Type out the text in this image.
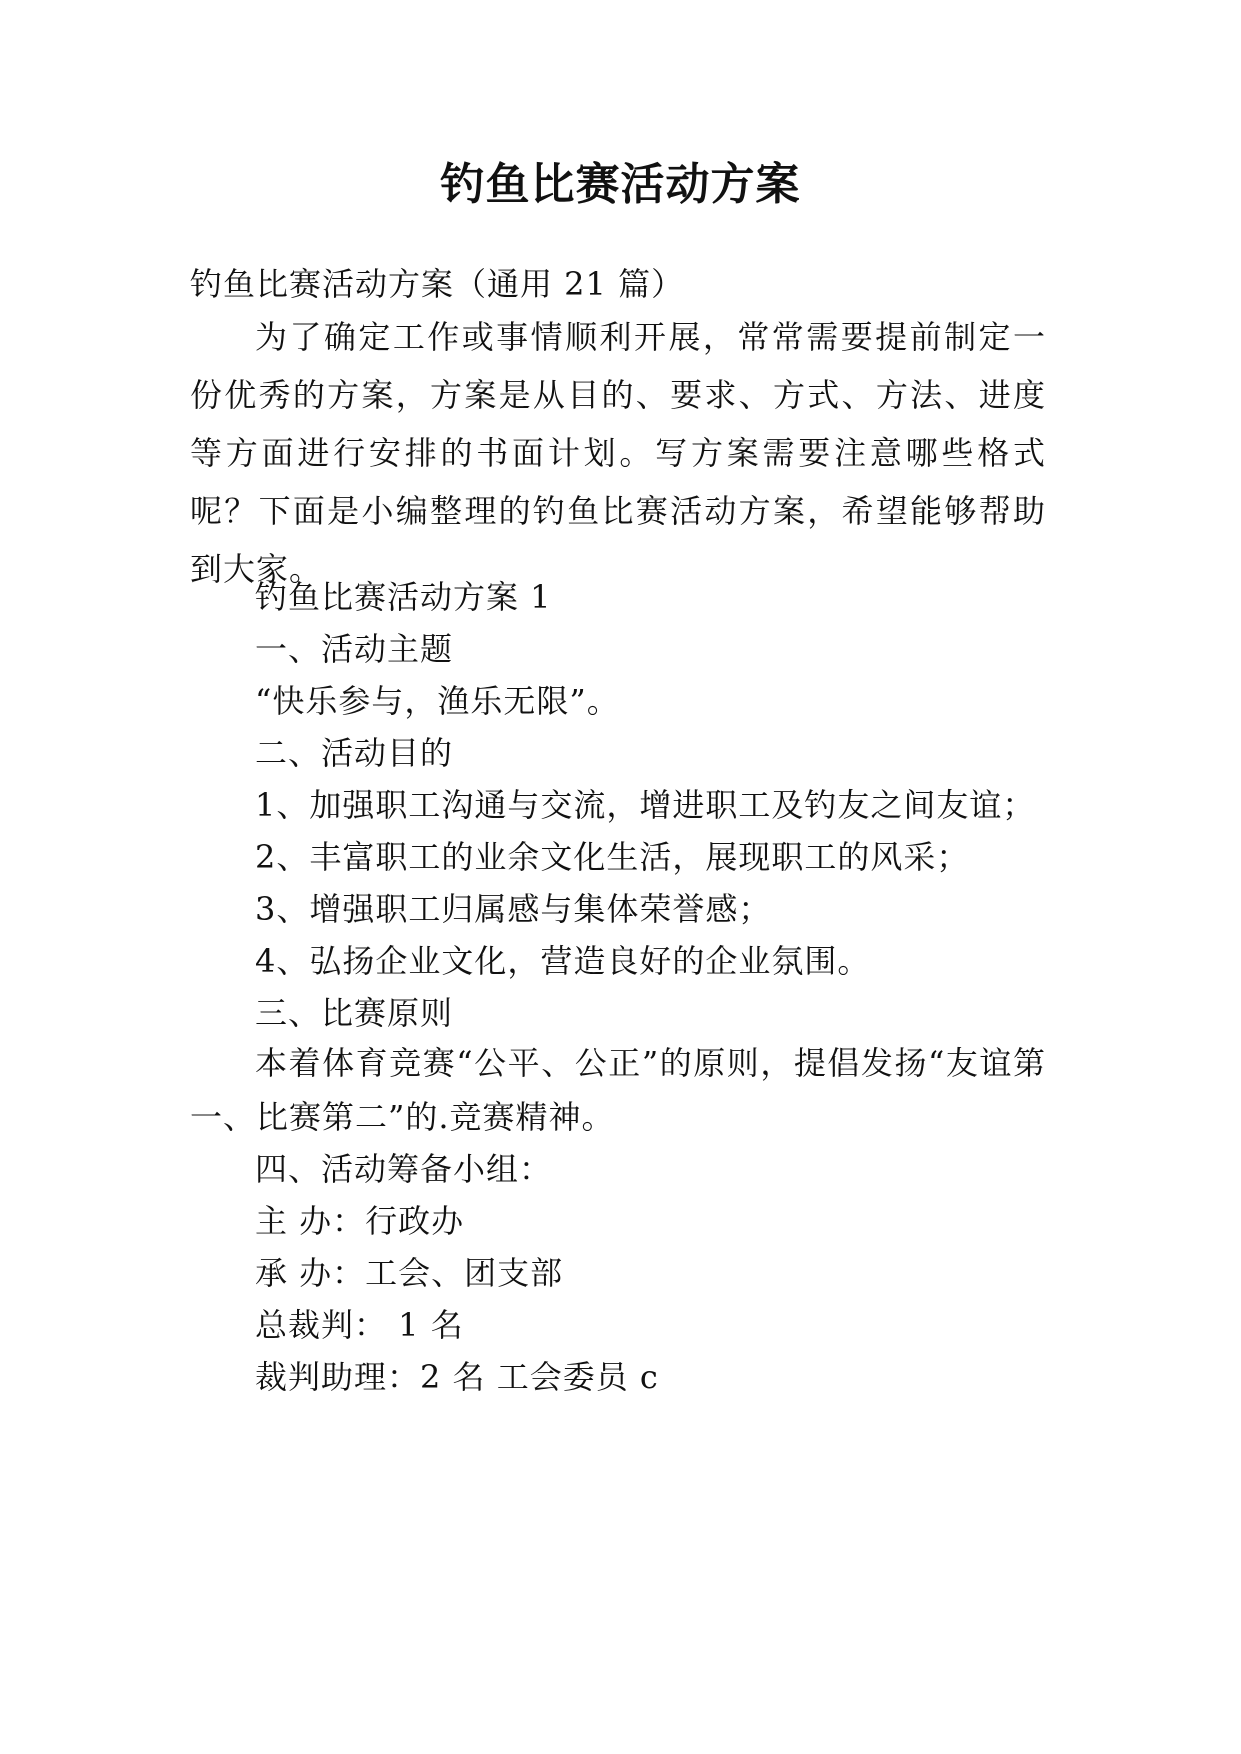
钓鱼比赛活动方案
钓鱼比赛活动方案（通用 21 篇）
为了确定工作或事情顺利开展，常常需要提前制定一份优秀的方案，方案是从目的、要求、方式、方法、进度等方面进行安排的书面计划。写方案需要注意哪些格式呢？下面是小编整理的钓鱼比赛活动方案，希望能够帮助到大家。
钓鱼比赛活动方案 1
一、活动主题
“快乐参与，渔乐无限”。
二、活动目的
1、加强职工沟通与交流，增进职工及钓友之间友谊；
2、丰富职工的业余文化生活，展现职工的风采；
3、增强职工归属感与集体荣誉感；
4、弘扬企业文化，营造良好的企业氛围。
三、比赛原则
本着体育竞赛“公平、公正”的原则，提倡发扬“友谊第一、比赛第二”的.竞赛精神。
四、活动筹备小组：
主 办：行政办
承 办：工会、团支部
总裁判： 1 名
裁判助理：2 名 工会委员 c
